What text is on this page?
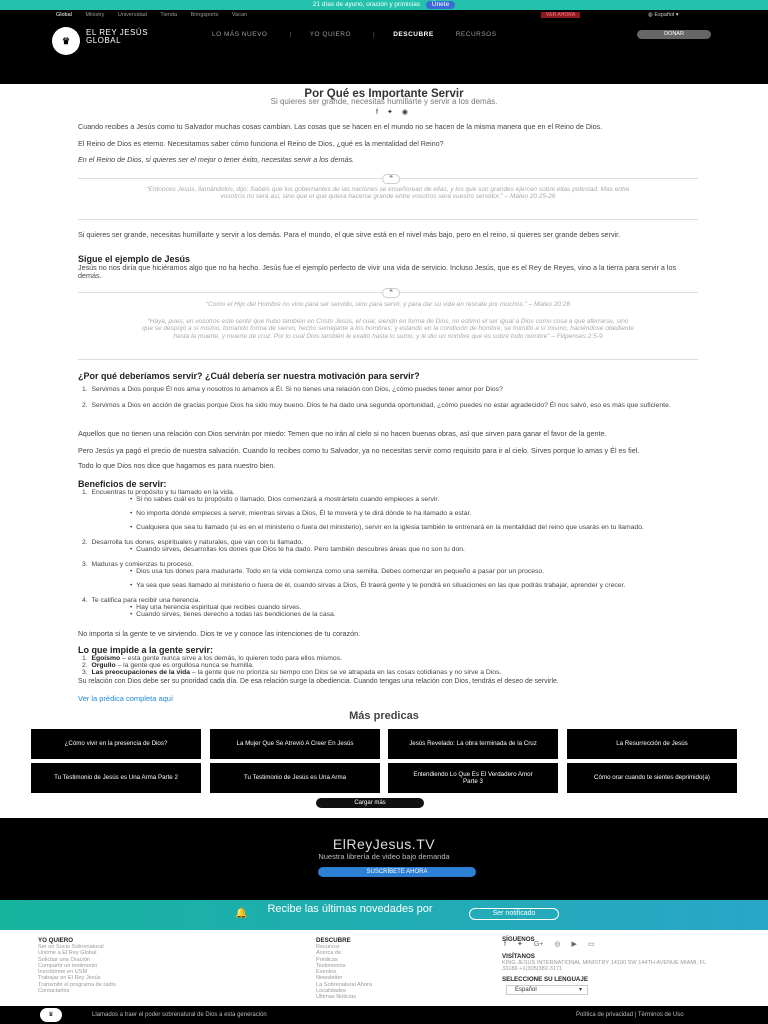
21 días de ayuno, oración y primicias Únete
Global Ministry Universidad Tienda Bringsports Vacan	VER AHORA	◍ Español ▾
♛
EL REY JESÚS
GLOBAL
LO MÁS NUEVO	|	YO QUIERO	|	DESCUBRE	RECURSOS	DONAR
Por Qué es Importante Servir
Si quieres ser grande, necesitas humillarte y servir a los demás.
f ✦ ◉
Cuando recibes a Jesús como tu Salvador muchas cosas cambian. Las cosas que se hacen en el mundo no se hacen de la misma manera que en el Reino de Dios.
El Reino de Dios es eterno. Necesitamos saber cómo funciona el Reino de Dios, ¿qué es la mentalidad del Reino?
En el Reino de Dios, si quieres ser el mejor o tener éxito, necesitas servir a los demás.
❝
“Entonces Jesús, llamándolos, dijo: Sabéis que los gobernantes de las naciones se enseñorean de ellas, y los que son grandes ejercen sobre ellas potestad. Mas entre vosotros no será así, sino que el que quiera hacerse grande entre vosotros será vuestro servidor.” – Mateo 20:25-26
Si quieres ser grande, necesitas humillarte y servir a los demás. Para el mundo, el que sirve está en el nivel más bajo, pero en el reino, si quieres ser grande debes servir.
Sigue el ejemplo de Jesús
Jesús no nos diría que hiciéramos algo que no ha hecho. Jesús fue el ejemplo perfecto de vivir una vida de servicio. Incluso Jesús, que es el Rey de Reyes, vino a la tierra para servir a los demás.
❝
“Como el Hijo del Hombre no vino para ser servido, sino para servir, y para dar su vida en rescate por muchos.” – Mateo 20:28
“Haya, pues, en vosotros este sentir que hubo también en Cristo Jesús, el cual, siendo en forma de Dios, no estimó el ser igual a Dios como cosa a que aferrarse, sino que se despojó a sí mismo, tomando forma de siervo, hecho semejante a los hombres; y estando en la condición de hombre, se humilló a sí mismo, haciéndose obediente hasta la muerte, y muerte de cruz. Por lo cual Dios también le exaltó hasta lo sumo, y le dio un nombre que es sobre todo nombre” – Filipenses 2:5-9
¿Por qué deberíamos servir? ¿Cuál debería ser nuestra motivación para servir?
1.  Servimos a Dios porque Él nos ama y nosotros lo amamos a Él. Si no tienes una relación con Dios, ¿cómo puedes tener amor por Dios?
2.  Servimos a Dios en acción de gracias porque Dios ha sido muy bueno. Dios te ha dado una segunda oportunidad, ¿cómo puedes no estar agradecido? Él nos salvó, eso es más que suficiente.
Aquellos que no tienen una relación con Dios servirán por miedo: Temen que no irán al cielo si no hacen buenas obras, así que sirven para ganar el favor de la gente.
Pero Jesús ya pagó el precio de nuestra salvación. Cuando lo recibes como tu Salvador, ya no necesitas servir como requisito para ir al cielo. Sirves porque lo amas y Él es fiel.
Todo lo que Dios nos dice que hagamos es para nuestro bien.
Beneficios de servir:
1.  Encuentras tu propósito y tu llamado en la vida.
•  Si no sabes cuál es tu propósito o llamado, Dios comenzará a mostrártelo cuando empieces a servir.
•  No importa dónde empieces a servir, mientras sirvas a Dios, Él te moverá y te dirá dónde te ha llamado a estar.
•  Cualquiera que sea tu llamado (si es en el ministerio o fuera del ministerio), servir en la iglesia también te entrenará en la mentalidad del reino que usarás en tu llamado.
2.  Desarrolla tus dones, espirituales y naturales, que van con tu llamado.
•  Cuando sirves, desarrollas los dones que Dios te ha dado. Pero también descubres áreas que no son tu don.
3.  Maduras y comienzas tu proceso.
•  Dios usa tus dones para madurarte. Todo en la vida comienza como una semilla. Debes comenzar en pequeño a pasar por un proceso.
•  Ya sea que seas llamado al ministerio o fuera de él, cuando sirvas a Dios, Él traerá gente y te pondrá en situaciones en las que podrás trabajar, aprender y crecer.
4.  Te califica para recibir una herencia.
•  Hay una herencia espiritual que recibes cuando sirves.
•  Cuando sirves, tienes derecho a todas las bendiciones de la casa.
No importa si la gente te ve sirviendo. Dios te ve y conoce las intenciones de tu corazón.
Lo que impide a la gente servir:
1.  Egoísmo – esta gente nunca sirve a los demás, lo quieren todo para ellos mismos.
2.  Orgullo – la gente que es orgullosa nunca se humilla.
3.  Las preocupaciones de la vida – la gente que no prioriza su tiempo con Dios se ve atrapada en las cosas cotidianas y no sirve a Dios.
Su relación con Dios debe ser su prioridad cada día. De esa relación surge la obediencia. Cuando tengas una relación con Dios, tendrás el deseo de servirle.
Ver la prédica completa aquí
Más predicas
¿Cómo vivir en la presencia de Dios?	La Mujer Que Se Atrevió A Creer En Jesús	Jesús Revelado: La obra terminada de la Cruz	La Resurrección de Jesús
Tu Testimonio de Jesús es Una Arma Parte 2	Tu Testimonio de Jesús es Una Arma
Entendiendo Lo Que Es El Verdadero Amor Parte 3
Cómo orar cuando te sientes deprimido(a)
Cargar más
ElReyJesus.TV
Nuestra librería de video bajo demanda
SUSCRÍBETE AHORA
🔔	Recibe las últimas novedades por	Ser notificado
YO QUIERO
Ser un Socio Sobrenatural
Unirme a El Rey Global
Solicitar una Oración
Compartir un testimonio
Inscribirme en USM
Trabajar en El Rey Jesús
Transmitir el programa de radio
Contactarlos
DESCUBRE
Recursos
Acerca de
Prédicas
Testimonios
Eventos
Newsletter
La Sobrenatural Ahora
Localidades
Últimas Noticias
SÍGUENOS
f ✦ G+ ◎ ▶ ▭
VISÍTANOS
KING JESUS INTERNATIONAL MINISTRY 14100 SW 144TH AVENUE MIAMI, FL 33186 +1(305)382-3171
SELECCIONE SU LENGUAJE
Español	▾
♛	Llamados a traer el poder sobrenatural de Dios a esta generación	Política de privacidad | Términos de Uso
